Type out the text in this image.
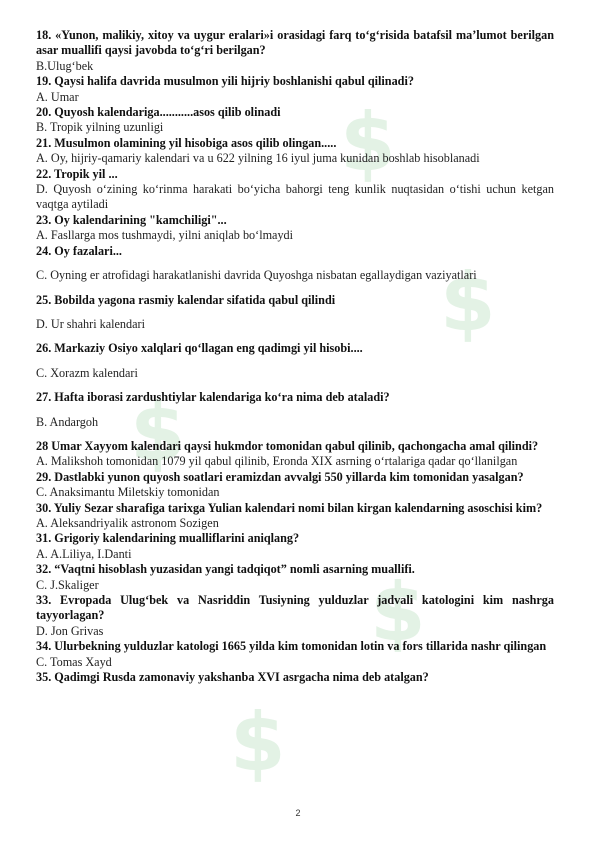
$
$
$
$
$
18. «Yunon, malikiy, xitoy va uygur eralari»i orasidagi farq to‘g‘risida batafsil ma’lumot berilgan asar muallifi qaysi javobda to‘g‘ri berilgan?
B.Ulug‘bek
19. Qaysi halifa davrida musulmon yili hijriy boshlanishi qabul qilinadi?
A. Umar
20. Quyosh kalendariga...........asos qilib olinadi
B. Tropik yilning uzunligi
21. Musulmon olamining yil hisobiga asos qilib olingan.....
A. Oy, hijriy-qamariy kalendari va u 622 yilning 16 iyul juma kunidan boshlab hisoblanadi
22. Tropik yil ...
D. Quyosh o‘zining ko‘rinma harakati bo‘yicha bahorgi teng kunlik nuqtasidan o‘tishi uchun ketgan vaqtga aytiladi
23. Oy kalendarining "kamchiligi"...
A. Fasllarga mos tushmaydi, yilni aniqlab bo‘lmaydi
24. Oy fazalari...
C. Oyning er atrofidagi harakatlanishi davrida Quyoshga nisbatan egallaydigan vaziyatlari
25. Bobilda yagona rasmiy kalendar sifatida qabul qilindi
D. Ur shahri kalendari
26. Markaziy Osiyo xalqlari qo‘llagan eng qadimgi yil hisobi....
C. Xorazm kalendari
27. Hafta iborasi zardushtiylar kalendariga ko‘ra nima deb ataladi?
B. Andargoh
28 Umar Xayyom kalendari qaysi hukmdor tomonidan qabul qilinib, qachongacha amal qilindi?
A. Malikshoh tomonidan 1079 yil qabul qilinib, Eronda XIX asrning o‘rtalariga qadar qo‘llanilgan
29. Dastlabki yunon quyosh soatlari eramizdan avvalgi 550 yillarda kim tomonidan yasalgan?
C. Anaksimantu Miletskiy tomonidan
30. Yuliy Sezar sharafiga tarixga Yulian kalendari nomi bilan kirgan kalendarning asoschisi kim?
A. Aleksandriyalik astronom Sozigen
31. Grigoriy kalendarining mualliflarini aniqlang?
A. A.Liliya, I.Danti
32. “Vaqtni hisoblash yuzasidan yangi tadqiqot” nomli asarning muallifi.
C. J.Skaliger
33. Evropada Ulug‘bek va Nasriddin Tusiyning yulduzlar jadvali katologini kim nashrga tayyorlagan?
D. Jon Grivas
34. Ulurbekning yulduzlar katologi 1665 yilda kim tomonidan lotin va fors tillarida nashr qilingan
C. Tomas Xayd
35. Qadimgi Rusda zamonaviy yakshanba XVI asrgacha nima deb atalgan?
2
